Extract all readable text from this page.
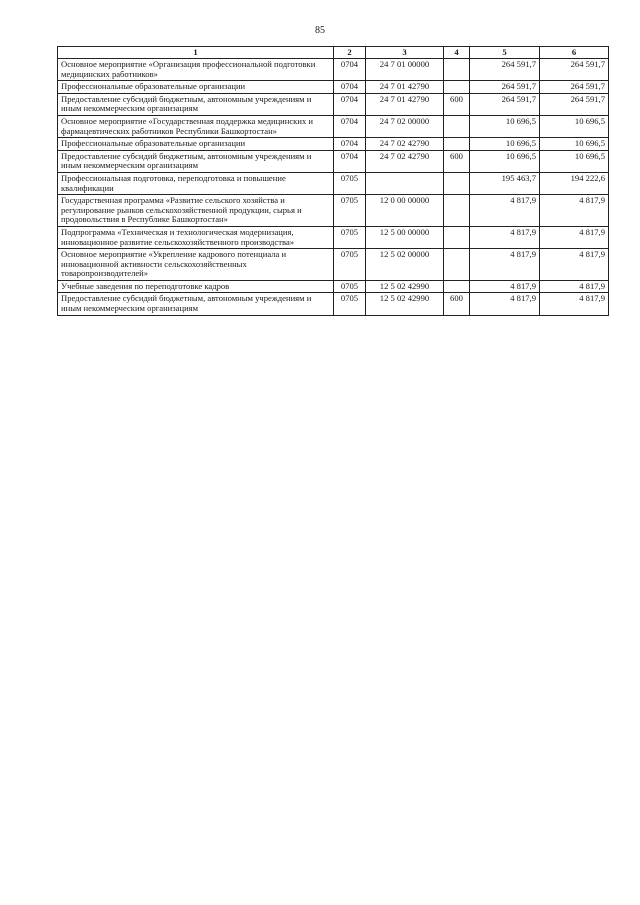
85
1	2	3	4	5	6
Основное мероприятие «Организация профессиональной подготовки медицинских работников»	0704	24 7 01 00000		264 591,7	264 591,7
Профессиональные образовательные организации	0704	24 7 01 42790		264 591,7	264 591,7
Предоставление субсидий бюджетным, автономным учреждениям и иным некоммерческим организациям	0704	24 7 01 42790	600	264 591,7	264 591,7
Основное мероприятие «Государственная поддержка медицинских и фармацевтических работников Республики Башкортостан»	0704	24 7 02 00000		10 696,5	10 696,5
Профессиональные образовательные организации	0704	24 7 02 42790		10 696,5	10 696,5
Предоставление субсидий бюджетным, автономным учреждениям и иным некоммерческим организациям	0704	24 7 02 42790	600	10 696,5	10 696,5
Профессиональная подготовка, переподготовка и повышение квалификации	0705			195 463,7	194 222,6
Государственная программа «Развитие сельского хозяйства и регулирование рынков сельскохозяйственной продукции, сырья и продовольствия в Республике Башкортостан»	0705	12 0 00 00000		4 817,9	4 817,9
Подпрограмма «Техническая и технологическая модернизация, инновационное развитие сельскохозяйственного производства»	0705	12 5 00 00000		4 817,9	4 817,9
Основное мероприятие «Укрепление кадрового потенциала и инновационной активности сельскохозяйственных товаропроизводителей»	0705	12 5 02 00000		4 817,9	4 817,9
Учебные заведения по переподготовке кадров	0705	12 5 02 42990		4 817,9	4 817,9
Предоставление субсидий бюджетным, автономным учреждениям и иным некоммерческим организациям	0705	12 5 02 42990	600	4 817,9	4 817,9
